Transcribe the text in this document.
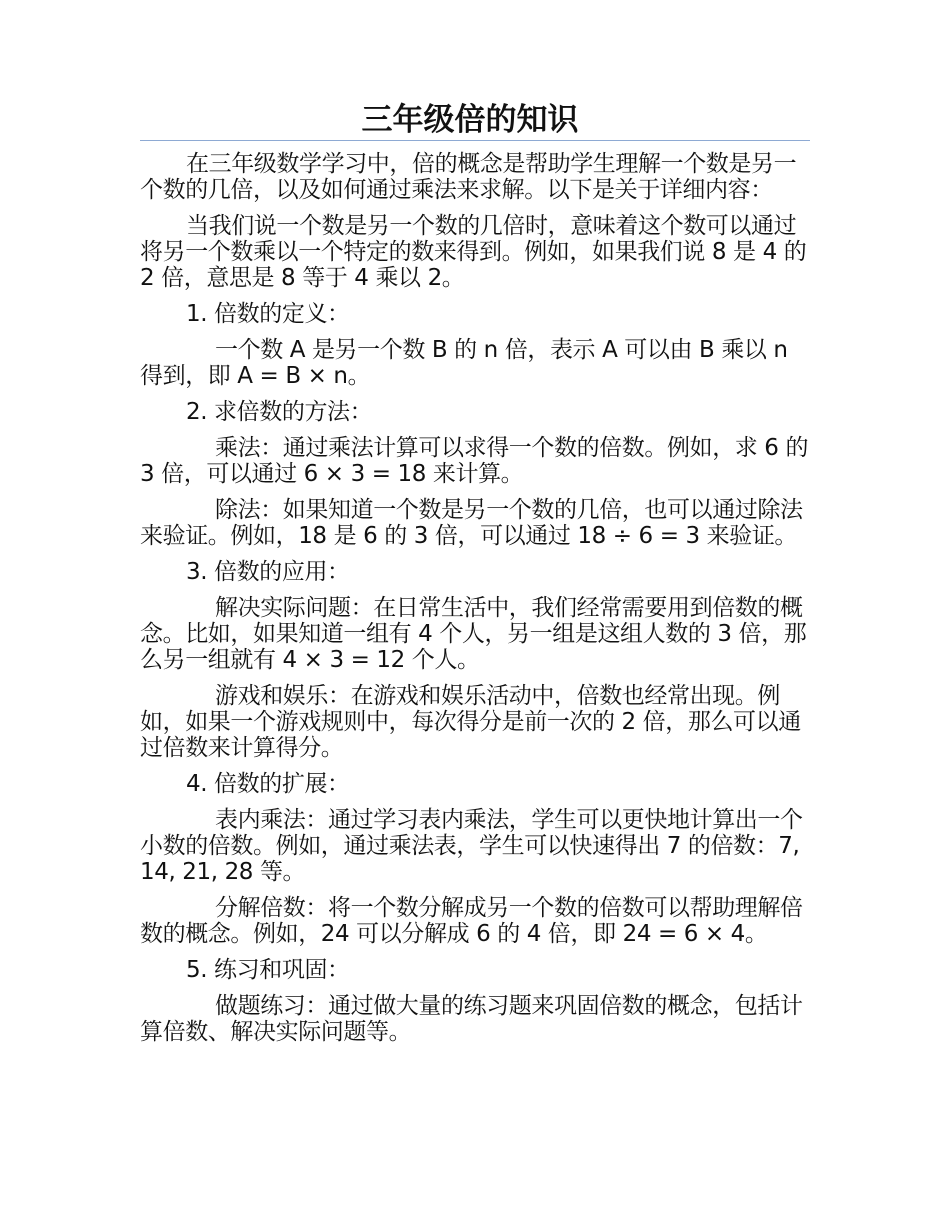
三年级倍的知识

在三年级数学学习中，倍的概念是帮助学生理解一个数是另一个数的几倍，以及如何通过乘法来求解。以下是关于详细内容：

当我们说一个数是另一个数的几倍时，意味着这个数可以通过将另一个数乘以一个特定的数来得到。例如，如果我们说 8 是 4 的 2 倍，意思是 8 等于 4 乘以 2。

1. 倍数的定义：

一个数 A 是另一个数 B 的 n 倍，表示 A 可以由 B 乘以 n 得到，即 A = B × n。

2. 求倍数的方法：

乘法：通过乘法计算可以求得一个数的倍数。例如，求 6 的 3 倍，可以通过 6 × 3 = 18 来计算。

除法：如果知道一个数是另一个数的几倍，也可以通过除法来验证。例如，18 是 6 的 3 倍，可以通过 18 ÷ 6 = 3 来验证。

3. 倍数的应用：

解决实际问题：在日常生活中，我们经常需要用到倍数的概念。比如，如果知道一组有 4 个人，另一组是这组人数的 3 倍，那么另一组就有 4 × 3 = 12 个人。

游戏和娱乐：在游戏和娱乐活动中，倍数也经常出现。例如，如果一个游戏规则中，每次得分是前一次的 2 倍，那么可以通过倍数来计算得分。

4. 倍数的扩展：

表内乘法：通过学习表内乘法，学生可以更快地计算出一个小数的倍数。例如，通过乘法表，学生可以快速得出 7 的倍数：7, 14, 21, 28 等。

分解倍数：将一个数分解成另一个数的倍数可以帮助理解倍数的概念。例如，24 可以分解成 6 的 4 倍，即 24 = 6 × 4。

5. 练习和巩固：

做题练习：通过做大量的练习题来巩固倍数的概念，包括计算倍数、解决实际问题等。
